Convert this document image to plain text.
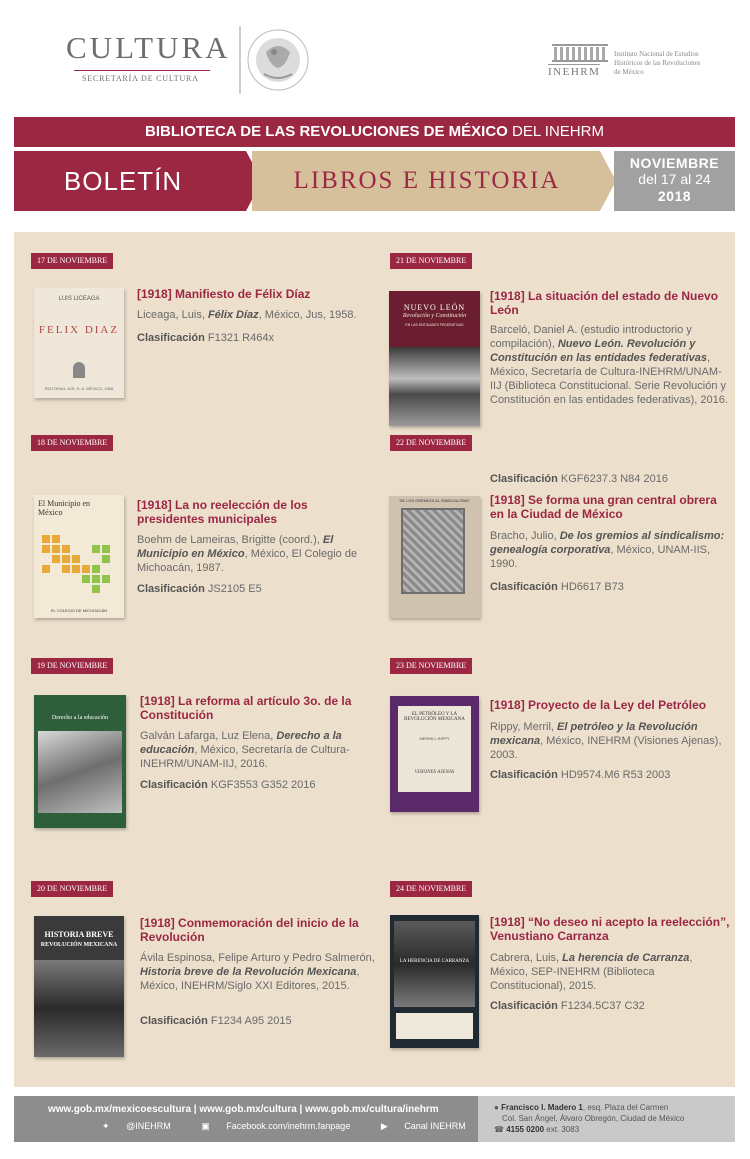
CULTURA
SECRETARÍA DE CULTURA
INEHRM
Instituto Nacional de Estudios Históricos de las Revoluciones de México
BIBLIOTECA DE LAS REVOLUCIONES DE MÉXICO DEL INEHRM
BOLETÍN	LIBROS E HISTORIA
NOVIEMBRE
del 17 al 24
2018
17 DE NOVIEMBRE
LUIS LICEAGA
FELIX DIAZ
EDITORIAL JUS, S. A. MÉXICO, 1958
[1918] Manifiesto de Félix Díaz
Liceaga, Luis, Félix Díaz, México, Jus, 1958.
Clasificación F1321 R464x
21 DE NOVIEMBRE
NUEVO LEÓN
Revolución y Constitución
EN LAS ENTIDADES FEDERATIVAS
[1918] La situación del estado de Nuevo León
Barceló, Daniel A. (estudio introductorio y compilación), Nuevo León. Revolución y Constitución en las entidades federativas, México, Secretaría de Cultura-INEHRM/UNAM-IIJ (Biblioteca Constitucional. Serie Revolución y Constitución en las entidades federativas), 2016.
Clasificación KGF6237.3 N84 2016
18 DE NOVIEMBRE
El Municipio en México
EL COLEGIO DE MICHOACÁN
[1918] La no reelección de los presidentes municipales
Boehm de Lameiras, Brigitte (coord.), El Municipio en México, México, El Colegio de Michoacán, 1987.
Clasificación JS2105 E5
22 DE NOVIEMBRE
DE LOS GREMIOS AL SINDICALISMO	[1918] Se forma una gran central obrera en la Ciudad de México
Bracho, Julio, De los gremios al sindicalismo: genealogía corporativa, México, UNAM-IIS, 1990.
Clasificación HD6617 B73
19 DE NOVIEMBRE
Derecho a la educación
[1918] La reforma al artículo 3o. de la Constitución
Galván Lafarga, Luz Elena, Derecho a la educación, México, Secretaría de Cultura-INEHRM/UNAM-IIJ, 2016.
Clasificación KGF3553 G352 2016
23 DE NOVIEMBRE
EL PETRÓLEO Y LA REVOLUCIÓN MEXICANA
MERRILL RIPPY
VISIONES AJENAS
[1918] Proyecto de la Ley del Petróleo
Rippy, Merril, El petróleo y la Revolución mexicana, México, INEHRM (Visiones Ajenas), 2003.
Clasificación HD9574.M6 R53 2003
20 DE NOVIEMBRE
HISTORIA BREVE
REVOLUCIÓN MEXICANA
[1918] Conmemoración del inicio de la Revolución
Ávila Espinosa, Felipe Arturo y Pedro Salmerón, Historia breve de la Revolución Mexicana, México, INEHRM/Siglo XXI Editores, 2015.
Clasificación F1234 A95 2015
24 DE NOVIEMBRE
LA HERENCIA DE CARRANZA
[1918] “No deseo ni acepto la reelección”, Venustiano Carranza
Cabrera, Luis, La herencia de Carranza, México, SEP-INEHRM (Biblioteca Constitucional), 2015.
Clasificación F1234.5C37 C32
www.gob.mx/mexicoescultura | www.gob.mx/cultura | www.gob.mx/cultura/inehrm
✦ @INEHRM	▣ Facebook.com/inehrm.fanpage	▶ Canal INEHRM
● Francisco I. Madero 1, esq. Plaza del Carmen
Col. San Ángel, Álvaro Obregón, Ciudad de México
☎ 4155 0200 ext. 3083
